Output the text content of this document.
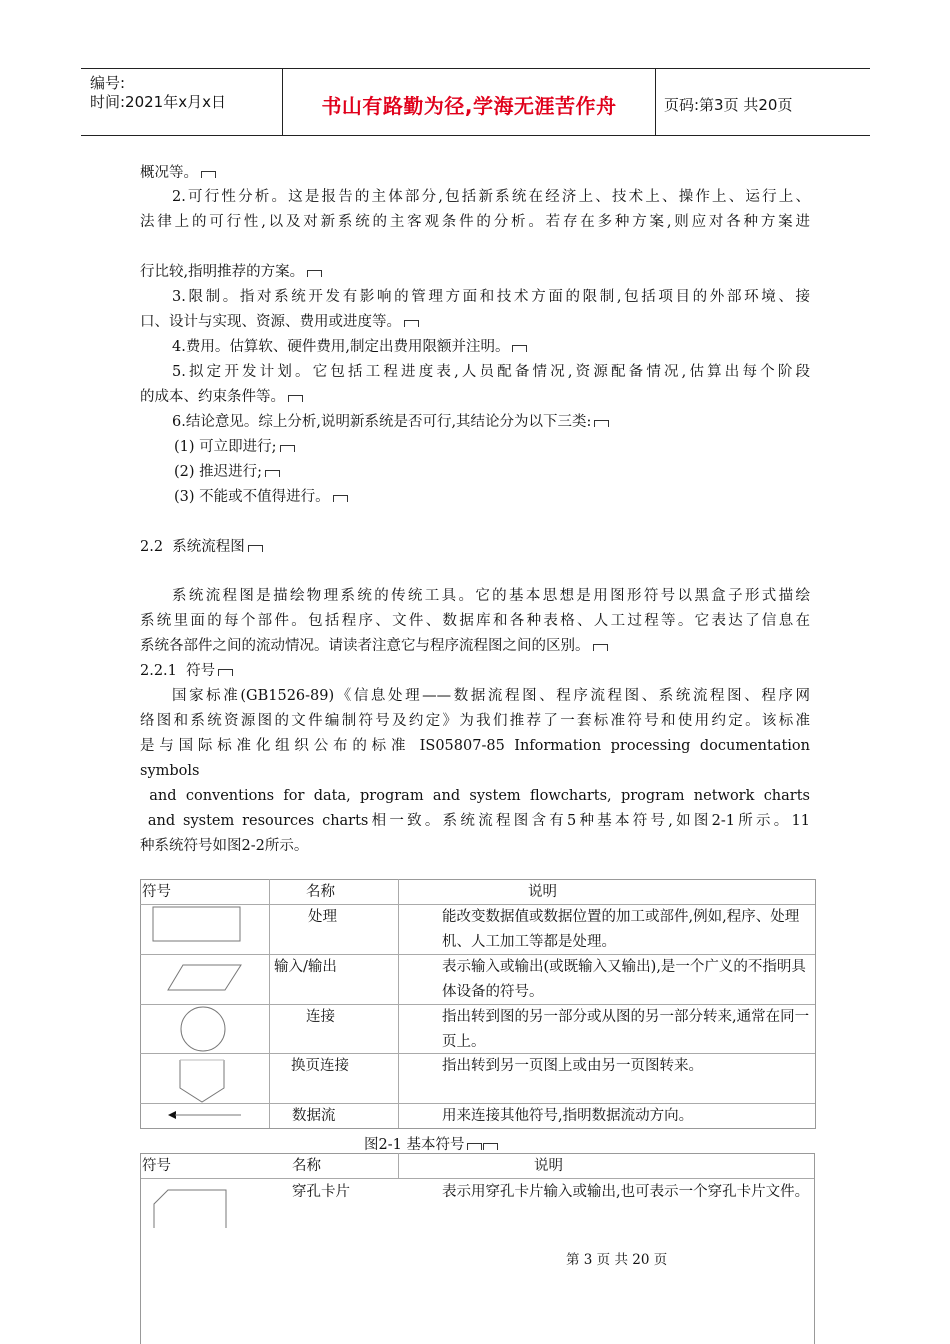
编号:
时间:2021年x月x日	书山有路勤为径,学海无涯苦作舟	页码:第3页 共20页
概况等。
2.可行性分析。这是报告的主体部分,包括新系统在经济上、技术上、操作上、运行上、
法律上的可行性,以及对新系统的主客观条件的分析。若存在多种方案,则应对各种方案进
行比较,指明推荐的方案。
3.限制。指对系统开发有影响的管理方面和技术方面的限制,包括项目的外部环境、接
口、设计与实现、资源、费用或进度等。
4.费用。估算软、硬件费用,制定出费用限额并注明。
5.拟定开发计划。它包括工程进度表,人员配备情况,资源配备情况,估算出每个阶段
的成本、约束条件等。
6.结论意见。综上分析,说明新系统是否可行,其结论分为以下三类:
(1) 可立即进行;
(2) 推迟进行;
(3) 不能或不值得进行。
2.2  系统流程图
系统流程图是描绘物理系统的传统工具。它的基本思想是用图形符号以黑盒子形式描绘
系统里面的每个部件。包括程序、文件、数据库和各种表格、人工过程等。它表达了信息在
系统各部件之间的流动情况。请读者注意它与程序流程图之间的区别。
2.2.1  符号
国家标准(GB1526-89)《信息处理——数据流程图、程序流程图、系统流程图、程序网
络图和系统资源图的文件编制符号及约定》为我们推荐了一套标准符号和使用约定。该标准
是与国际标准化组织公布的标准 IS05807-85 Information processing documentation
symbols
and conventions for data, program and system flowcharts, program network charts
and system resources charts相一致。系统流程图含有5种基本符号,如图2-1所示。11
种系统符号如图2-2所示。
符号	名称	说明
处理	能改变数据值或数据位置的加工或部件,例如,程序、处理机、人工加工等都是处理。
输入/输出	表示输入或输出(或既输入又输出),是一个广义的不指明具体设备的符号。
连接	指出转到图的另一部分或从图的另一部分转来,通常在同一页上。
换页连接	指出转到另一页图上或由另一页图转来。
数据流	用来连接其他符号,指明数据流动方向。
图2-1 基本符号
符号	名称	说明
穿孔卡片	表示用穿孔卡片输入或输出,也可表示一个穿孔卡片文件。
第 3 页 共 20 页
